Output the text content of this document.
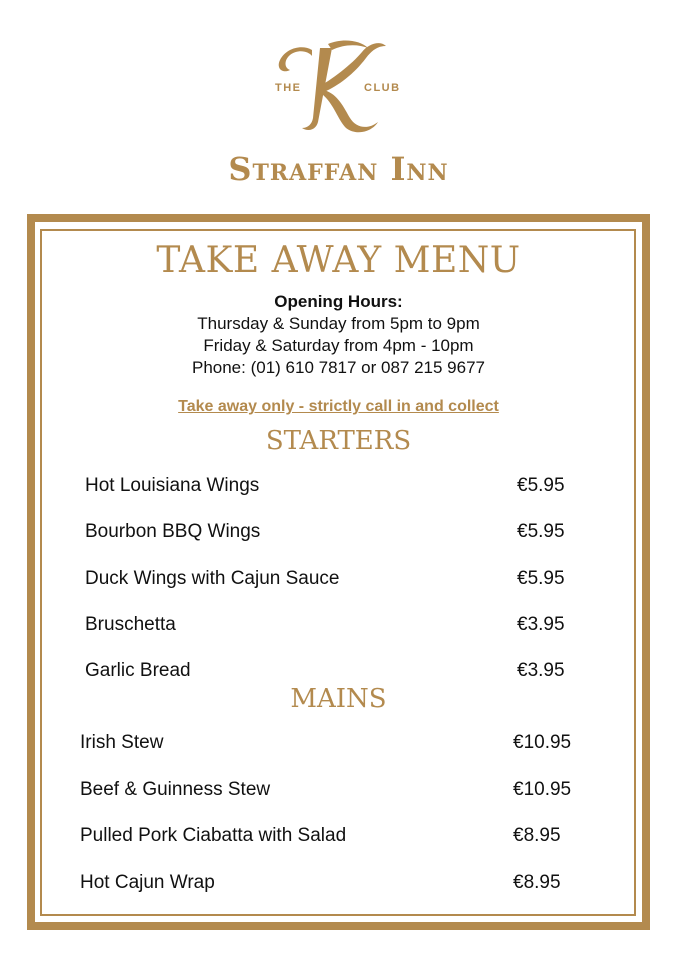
THE	CLUB
Straffan Inn
TAKE AWAY MENU
Opening Hours:
Thursday & Sunday from 5pm to 9pm
Friday & Saturday from 4pm - 10pm
Phone: (01) 610 7817 or 087 215 9677
Take away only - strictly call in and collect
STARTERS
Hot Louisiana Wings	€5.95
Bourbon BBQ Wings	€5.95
Duck Wings with Cajun Sauce	€5.95
Bruschetta	€3.95
Garlic Bread	€3.95
MAINS
Irish Stew	€10.95
Beef & Guinness Stew	€10.95
Pulled Pork Ciabatta with Salad	€8.95
Hot Cajun Wrap	€8.95
